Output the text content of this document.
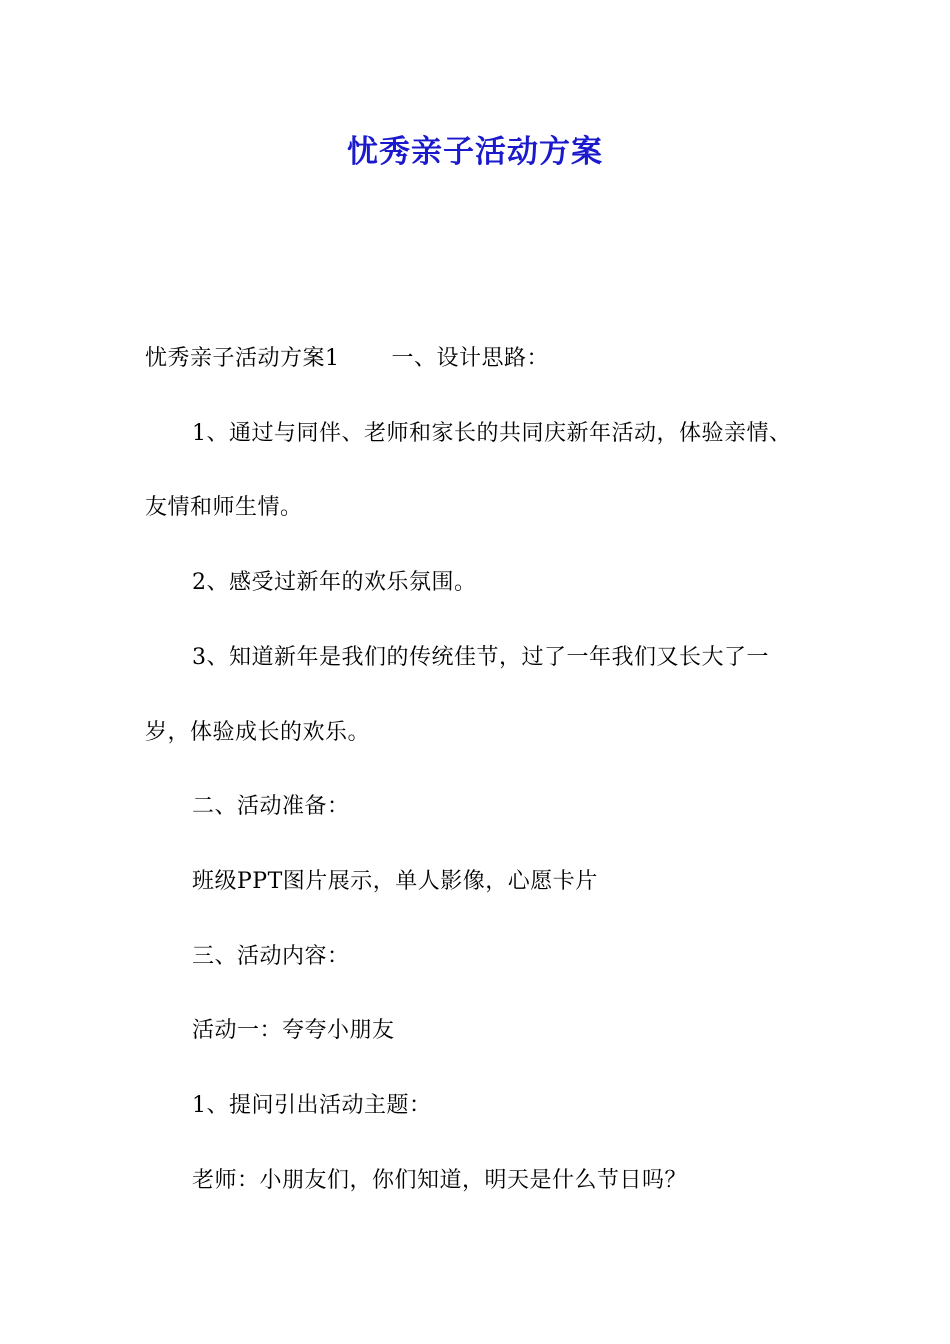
忧秀亲子活动方案
忧秀亲子活动方案1 一、设计思路：
1、通过与同伴、老师和家长的共同庆新年活动，体验亲情、
友情和师生情。
2、感受过新年的欢乐氛围。
3、知道新年是我们的传统佳节，过了一年我们又长大了一
岁，体验成长的欢乐。
二、活动准备：
班级PPT图片展示，单人影像，心愿卡片
三、活动内容：
活动一：夸夸小朋友
1、提问引出活动主题：
老师：小朋友们，你们知道，明天是什么节日吗？
